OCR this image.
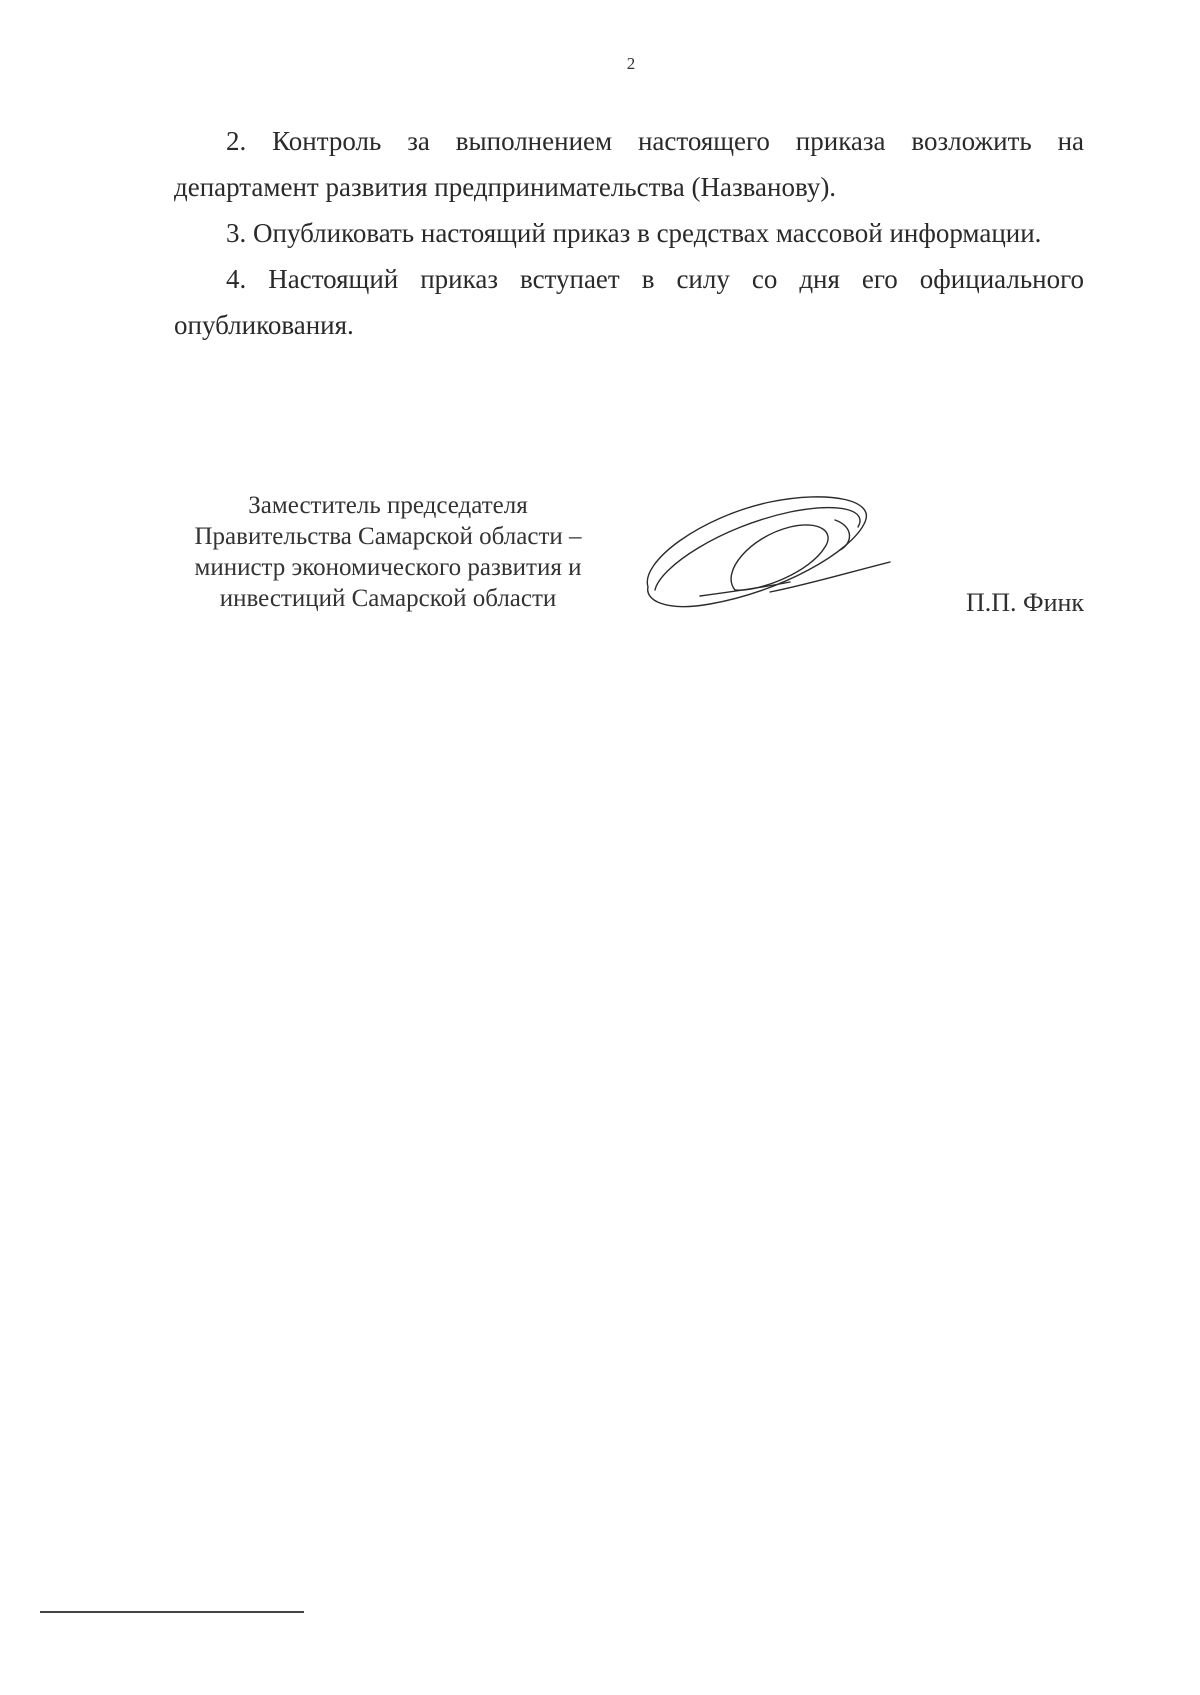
2

2. Контроль за выполнением настоящего приказа возложить на департамент развития предпринимательства (Названову).

3. Опубликовать настоящий приказ в средствах массовой информации.

4. Настоящий приказ вступает в силу со дня его официального опубликования.

Заместитель председателя
Правительства Самарской области –
министр экономического развития и
инвестиций Самарской области	П.П. Финк
